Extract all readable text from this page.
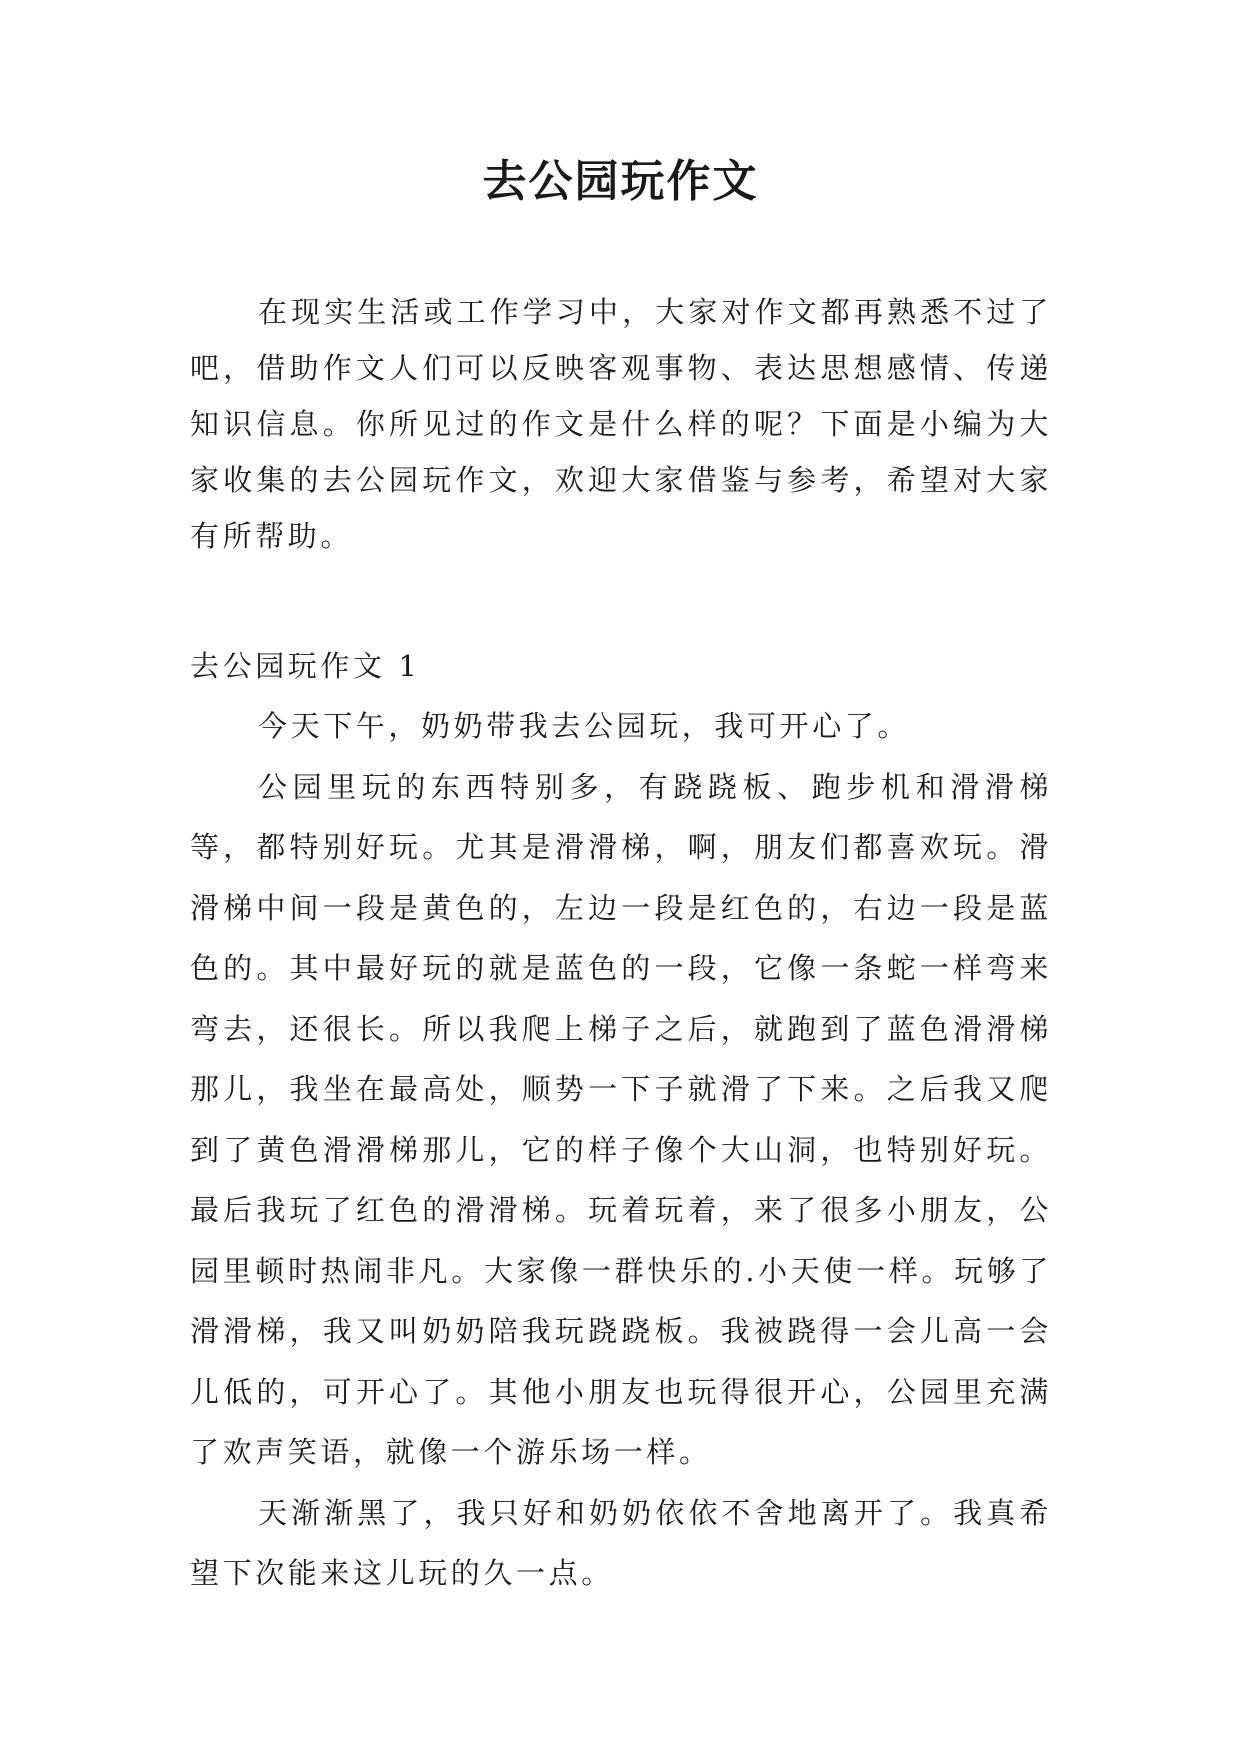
去公园玩作文

在现实生活或工作学习中，大家对作文都再熟悉不过了吧，借助作文人们可以反映客观事物、表达思想感情、传递知识信息。你所见过的作文是什么样的呢？下面是小编为大家收集的去公园玩作文，欢迎大家借鉴与参考，希望对大家有所帮助。

去公园玩作文 1

今天下午，奶奶带我去公园玩，我可开心了。

公园里玩的东西特别多，有跷跷板、跑步机和滑滑梯等，都特别好玩。尤其是滑滑梯，啊，朋友们都喜欢玩。滑滑梯中间一段是黄色的，左边一段是红色的，右边一段是蓝色的。其中最好玩的就是蓝色的一段，它像一条蛇一样弯来弯去，还很长。所以我爬上梯子之后，就跑到了蓝色滑滑梯那儿，我坐在最高处，顺势一下子就滑了下来。之后我又爬到了黄色滑滑梯那儿，它的样子像个大山洞，也特别好玩。最后我玩了红色的滑滑梯。玩着玩着，来了很多小朋友，公园里顿时热闹非凡。大家像一群快乐的.小天使一样。玩够了滑滑梯，我又叫奶奶陪我玩跷跷板。我被跷得一会儿高一会儿低的，可开心了。其他小朋友也玩得很开心，公园里充满了欢声笑语，就像一个游乐场一样。

天渐渐黑了，我只好和奶奶依依不舍地离开了。我真希望下次能来这儿玩的久一点。
